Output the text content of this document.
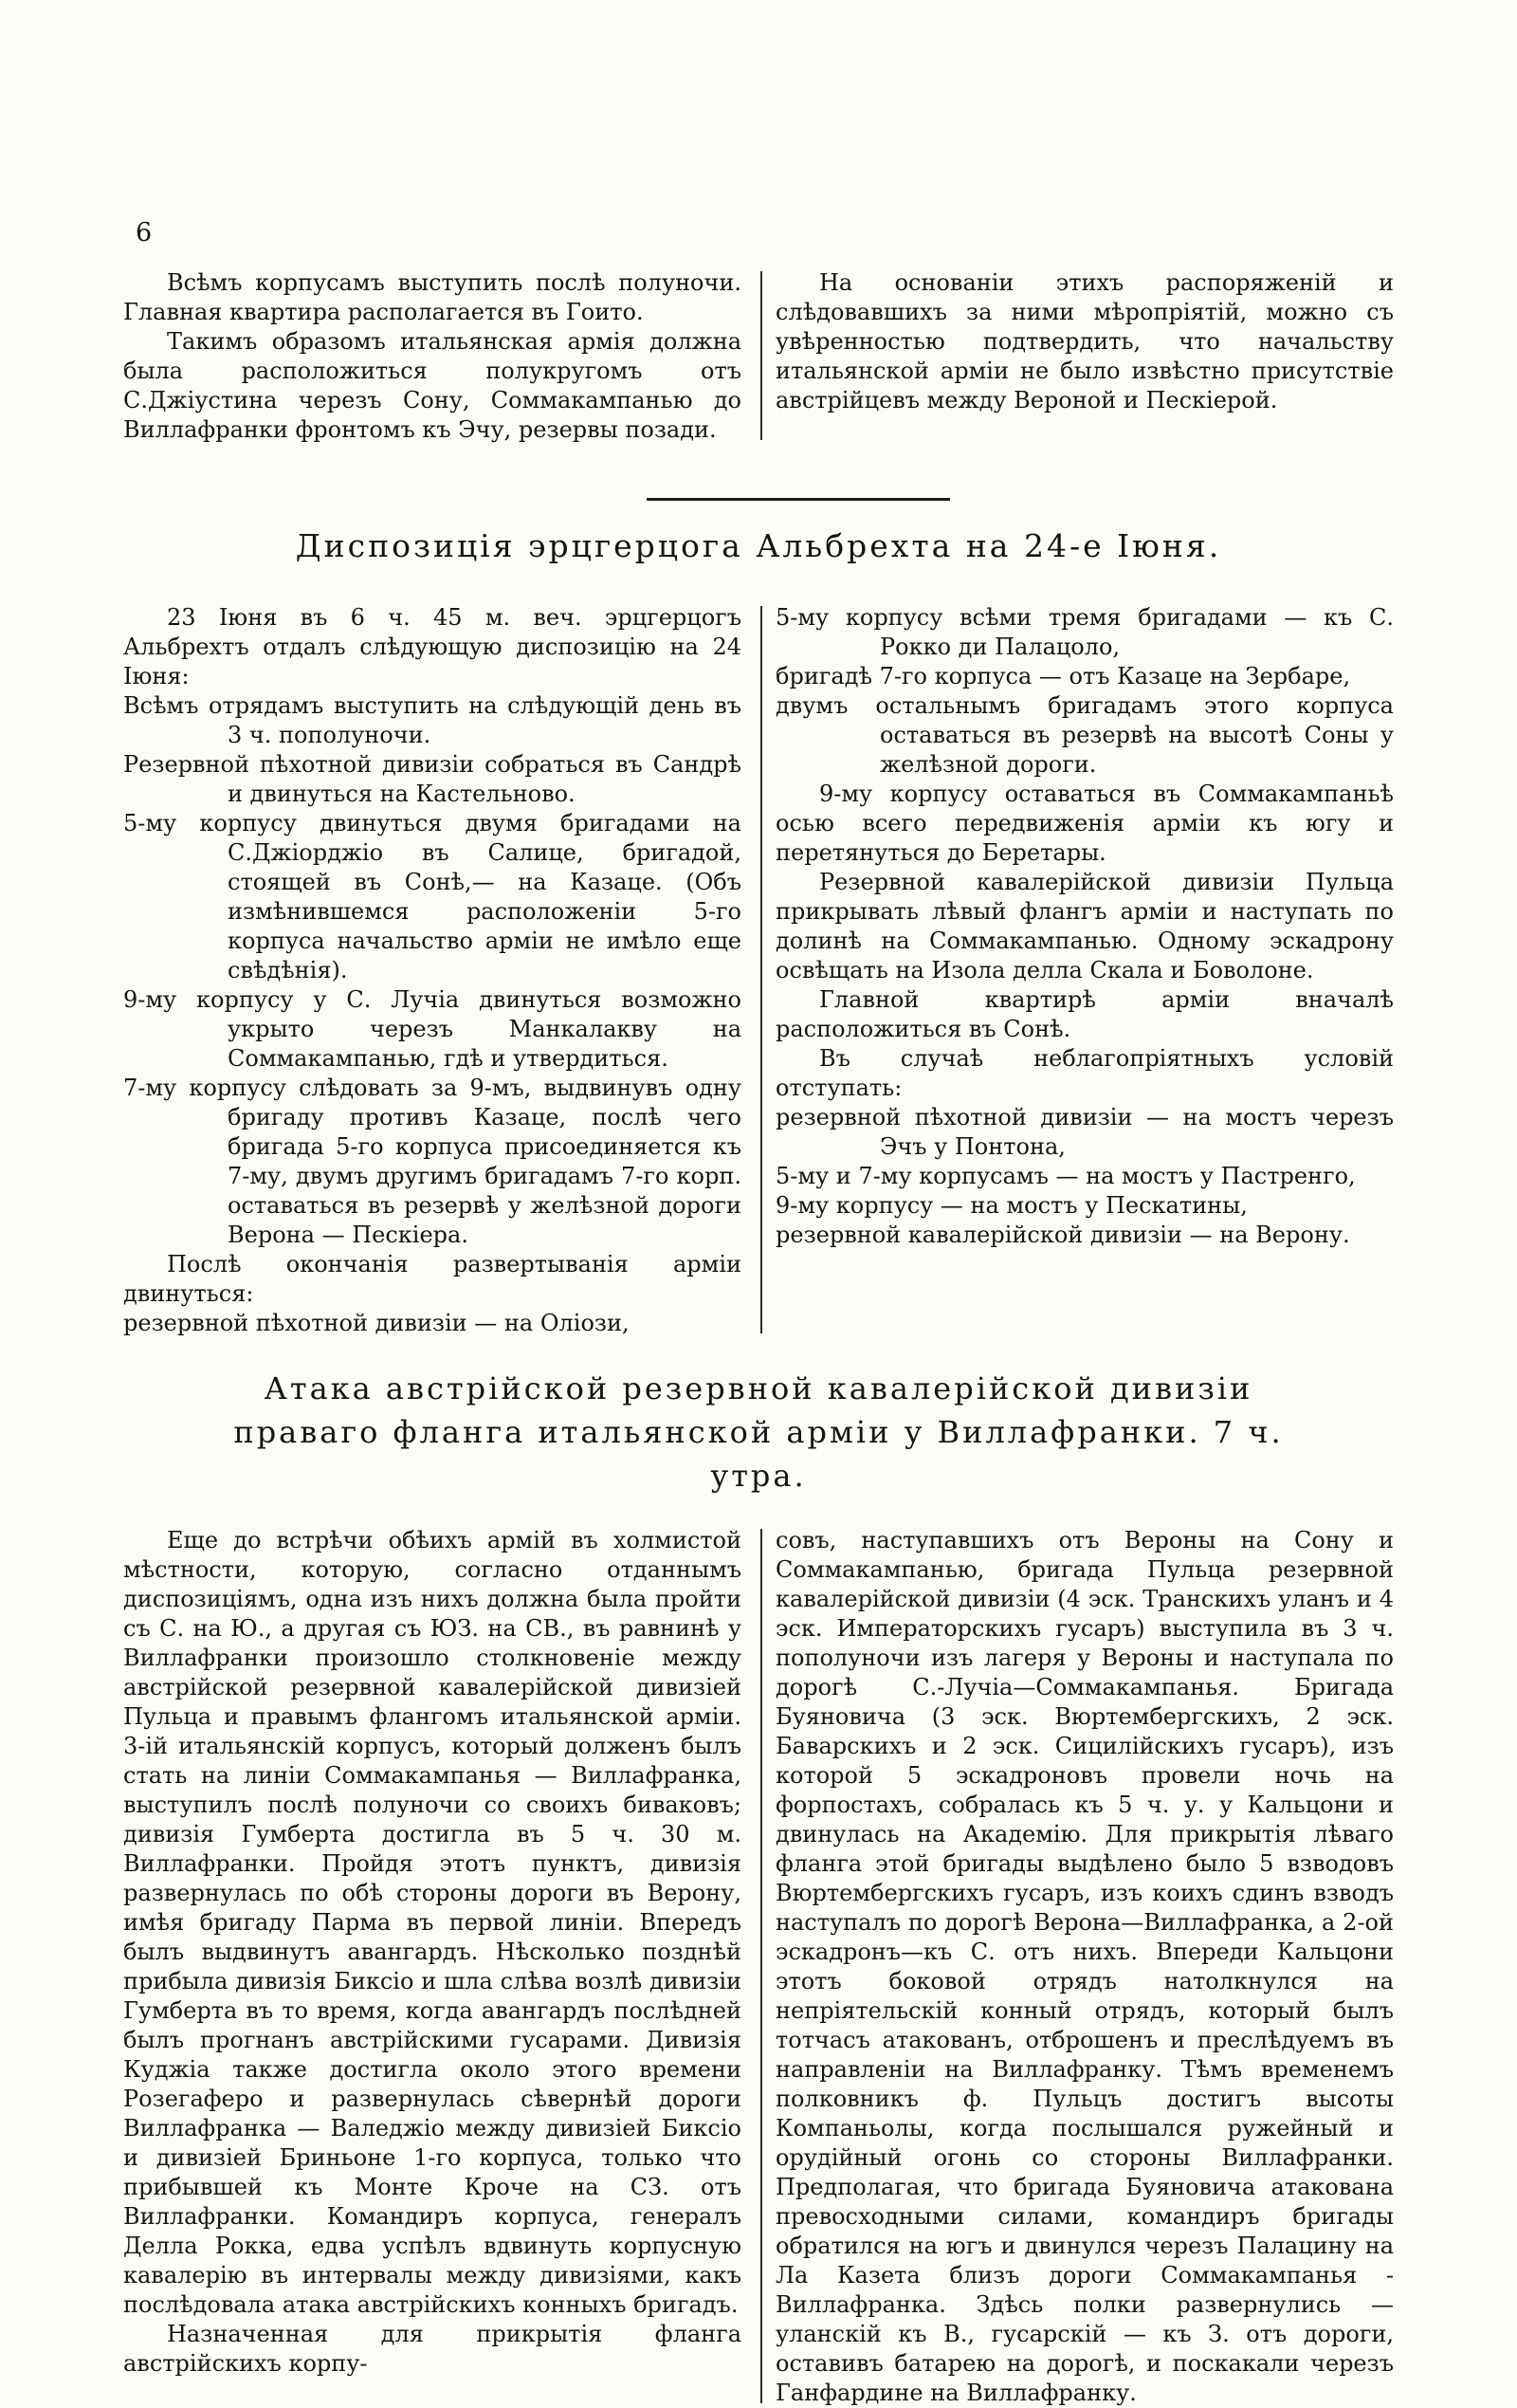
6

Всѣмъ корпусамъ выступить послѣ полуночи. Главная квартира располагается въ Гоито.

Такимъ образомъ итальянская армія должна была расположиться полукругомъ отъ С.Джіустина черезъ Сону, Соммакампанью до Виллафранки фронтомъ къ Эчу, резервы позади.

На основаніи этихъ распоряженій и слѣдовавшихъ за ними мѣропріятій, можно съ увѣренностью подтвердить, что начальству итальянской арміи не было извѣстно присутствіе австрійцевъ между Вероной и Пескіерой.

Диспозиція эрцгерцога Альбрехта на 24-е Іюня.

23 Іюня въ 6 ч. 45 м. веч. эрцгерцогъ Альбрехтъ отдалъ слѣдующую диспозицію на 24 Іюня:

Всѣмъ отрядамъ выступить на слѣдующій день въ 3 ч. пополуночи.

Резервной пѣхотной дивизіи собраться въ Сандрѣ и двинуться на Кастельново.

5-му корпусу двинуться двумя бригадами на С.Джіорджіо въ Салице, бригадой, стоящей въ Сонѣ,— на Казаце. (Объ измѣнившемся расположеніи 5-го корпуса начальство арміи не имѣло еще свѣдѣнія).

9-му корпусу у С. Лучіа двинуться возможно укрыто черезъ Манкалакву на Соммакампанью, гдѣ и утвердиться.

7-му корпусу слѣдовать за 9-мъ, выдвинувъ одну бригаду противъ Казаце, послѣ чего бригада 5-го корпуса присоединяется къ 7-му, двумъ другимъ бригадамъ 7-го корп. оставаться въ резервѣ у желѣзной дороги Верона — Пескіера.

Послѣ окончанія развертыванія арміи двинуться:

резервной пѣхотной дивизіи — на Оліози,

5-му корпусу всѣми тремя бригадами — къ С. Рокко ди Палацоло,

бригадѣ 7-го корпуса — отъ Казаце на Зербаре,

двумъ остальнымъ бригадамъ этого корпуса оставаться въ резервѣ на высотѣ Соны у желѣзной дороги.

9-му корпусу оставаться въ Соммакампаньѣ осью всего передвиженія арміи къ югу и перетянуться до Беретары.

Резервной кавалерійской дивизіи Пульца прикрывать лѣвый флангъ арміи и наступать по долинѣ на Соммакампанью. Одному эскадрону освѣщать на Изола делла Скала и Боволоне.

Главной квартирѣ арміи вначалѣ расположиться въ Сонѣ.

Въ случаѣ неблагопріятныхъ условій отступать:

резервной пѣхотной дивизіи — на мостъ черезъ Эчъ у Понтона,

5-му и 7-му корпусамъ — на мостъ у Пастренго,

9-му корпусу — на мостъ у Пескатины,

резервной кавалерійской дивизіи — на Верону.

Атака австрійской резервной кавалерійской дивизіи праваго фланга итальянской арміи у Виллафранки. 7 ч. утра.

Еще до встрѣчи обѣихъ армій въ холмистой мѣстности, которую, согласно отданнымъ диспозиціямъ, одна изъ нихъ должна была пройти съ С. на Ю., а другая съ ЮЗ. на СВ., въ равнинѣ у Виллафранки произошло столкновеніе между австрійской резервной кавалерійской дивизіей Пульца и правымъ флангомъ итальянской арміи. 3-ій итальянскій корпусъ, который долженъ былъ стать на линіи Соммакампанья — Виллафранка, выступилъ послѣ полуночи со своихъ биваковъ; дивизія Гумберта достигла въ 5 ч. 30 м. Виллафранки. Пройдя этотъ пунктъ, дивизія развернулась по обѣ стороны дороги въ Верону, имѣя бригаду Парма въ первой линіи. Впередъ былъ выдвинутъ авангардъ. Нѣсколько позднѣй прибыла дивизія Биксіо и шла слѣва возлѣ дивизіи Гумберта въ то время, когда авангардъ послѣдней былъ прогнанъ австрійскими гусарами. Дивизія Куджіа также достигла около этого времени Розегаферо и развернулась сѣвернѣй дороги Виллафранка — Валеджіо между дивизіей Биксіо и дивизіей Бриньоне 1-го корпуса, только что прибывшей къ Монте Кроче на СЗ. отъ Виллафранки. Командиръ корпуса, генералъ Делла Рокка, едва успѣлъ вдвинуть корпусную кавалерію въ интервалы между дивизіями, какъ послѣдовала атака австрійскихъ конныхъ бригадъ.

Назначенная для прикрытія фланга австрійскихъ корпу-

совъ, наступавшихъ отъ Вероны на Сону и Соммакампанью, бригада Пульца резервной кавалерійской дивизіи (4 эск. Транскихъ уланъ и 4 эск. Императорскихъ гусаръ) выступила въ 3 ч. пополуночи изъ лагеря у Вероны и наступала по дорогѣ С.-Лучіа—Соммакампанья. Бригада Буяновича (3 эск. Вюртембергскихъ, 2 эск. Баварскихъ и 2 эск. Сицилійскихъ гусаръ), изъ которой 5 эскадроновъ провели ночь на форпостахъ, собралась къ 5 ч. у. у Кальцони и двинулась на Академію. Для прикрытія лѣваго фланга этой бригады выдѣлено было 5 взводовъ Вюртембергскихъ гусаръ, изъ коихъ сдинъ взводъ наступалъ по дорогѣ Верона—Виллафранка, а 2-ой эскадронъ—къ С. отъ нихъ. Впереди Кальцони этотъ боковой отрядъ натолкнулся на непріятельскій конный отрядъ, который былъ тотчасъ атакованъ, отброшенъ и преслѣдуемъ въ направленіи на Виллафранку. Тѣмъ временемъ полковникъ ф. Пульцъ достигъ высоты Компаньолы, когда послышался ружейный и орудійный огонь со стороны Виллафранки. Предполагая, что бригада Буяновича атакована превосходными силами, командиръ бригады обратился на югъ и двинулся черезъ Палацину на Ла Казета близъ дороги Соммакампанья - Виллафранка. Здѣсь полки развернулись — уланскій къ В., гусарскій — къ З. отъ дороги, оставивъ батарею на дорогѣ, и поскакали черезъ Ганфардине на Виллафранку.
